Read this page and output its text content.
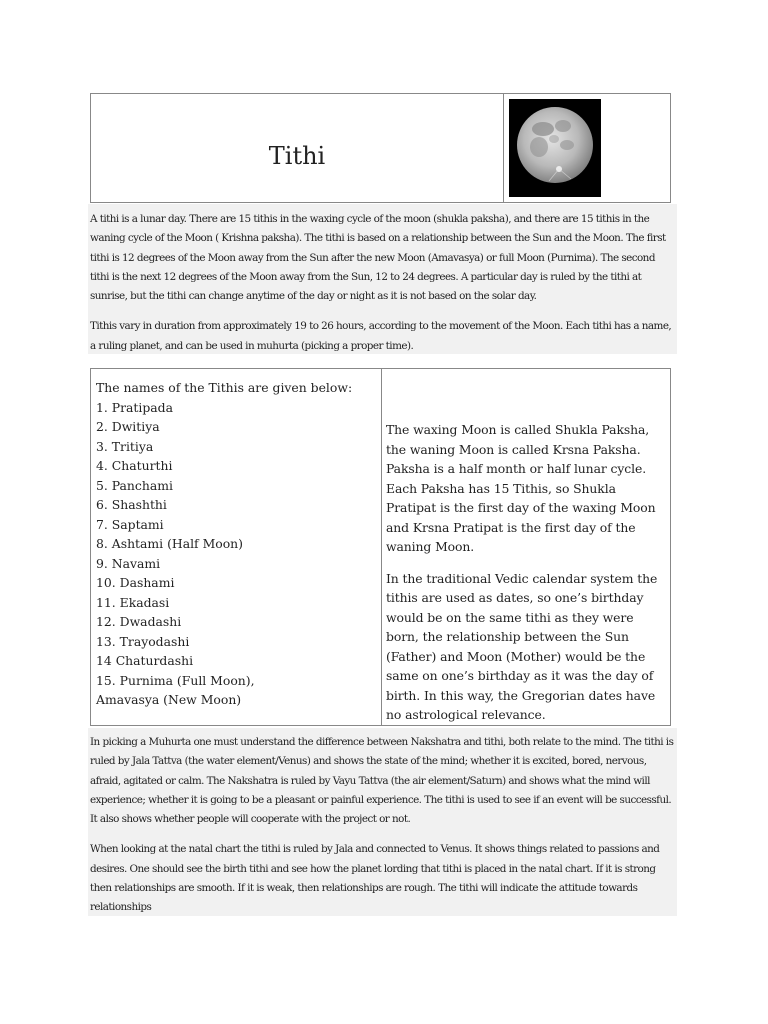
Tithi

A tithi is a lunar day. There are 15 tithis in the waxing cycle of the moon (shukla paksha), and there are 15 tithis in the waning cycle of the Moon ( Krishna paksha). The tithi is based on a relationship between the Sun and the Moon. The first tithi is 12 degrees of the Moon away from the Sun after the new Moon (Amavasya) or full Moon (Purnima). The second tithi is the next 12 degrees of the Moon away from the Sun, 12 to 24 degrees. A particular day is ruled by the tithi at sunrise, but the tithi can change anytime of the day or night as it is not based on the solar day.

Tithis vary in duration from approximately 19 to 26 hours, according to the movement of the Moon. Each tithi has a name, a ruling planet, and can be used in muhurta (picking a proper time).

The names of the Tithis are given below:
1. Pratipada
2. Dwitiya
3. Tritiya
4. Chaturthi
5. Panchami
6. Shashthi
7. Saptami
8. Ashtami (Half Moon)
9. Navami
10. Dashami
11. Ekadasi
12. Dwadashi
13. Trayodashi
14 Chaturdashi
15. Purnima (Full Moon),
Amavasya (New Moon)

The waxing Moon is called Shukla Paksha, the waning Moon is called Krsna Paksha. Paksha is a half month or half lunar cycle. Each Paksha has 15 Tithis, so Shukla Pratipat is the first day of the waxing Moon and Krsna Pratipat is the first day of the waning Moon.

In the traditional Vedic calendar system the tithis are used as dates, so one’s birthday would be on the same tithi as they were born, the relationship between the Sun (Father) and Moon (Mother) would be the same on one’s birthday as it was the day of birth. In this way, the Gregorian dates have no astrological relevance.

In picking a Muhurta one must understand the difference between Nakshatra and tithi, both relate to the mind. The tithi is ruled by Jala Tattva (the water element/Venus) and shows the state of the mind; whether it is excited, bored, nervous, afraid, agitated or calm. The Nakshatra is ruled by Vayu Tattva (the air element/Saturn) and shows what the mind will experience; whether it is going to be a pleasant or painful experience. The tithi is used to see if an event will be successful. It also shows whether people will cooperate with the project or not.

When looking at the natal chart the tithi is ruled by Jala and connected to Venus. It shows things related to passions and desires. One should see the birth tithi and see how the planet lording that tithi is placed in the natal chart. If it is strong then relationships are smooth. If it is weak, then relationships are rough. The tithi will indicate the attitude towards relationships
